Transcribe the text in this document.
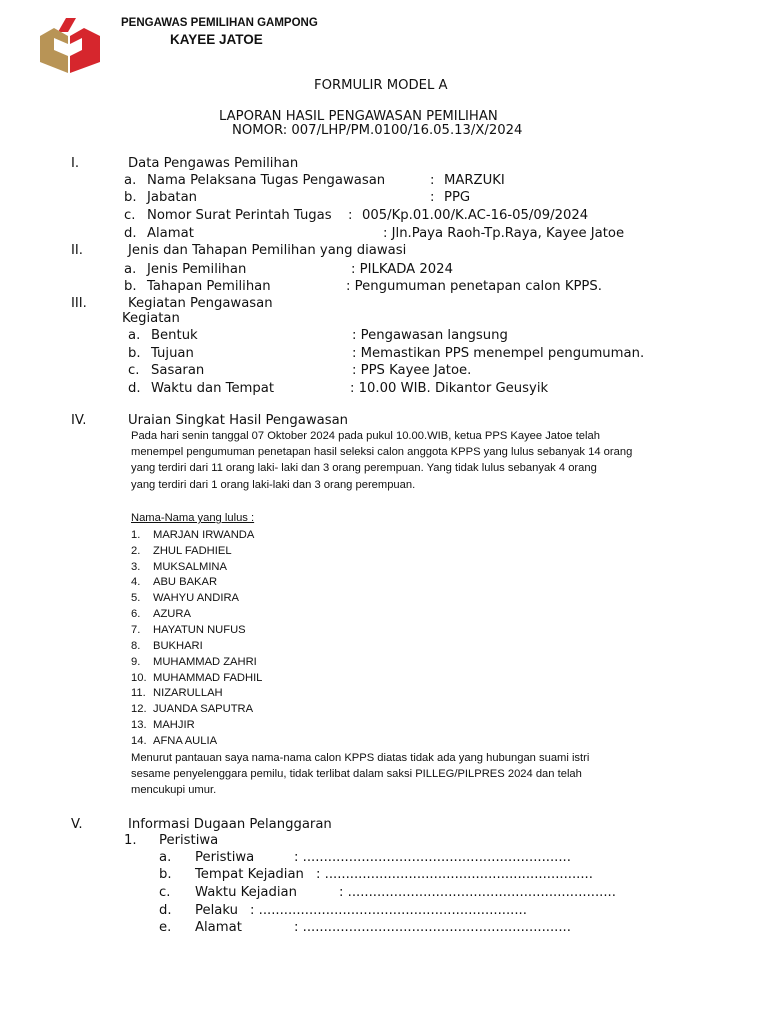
PENGAWAS PEMILIHAN GAMPONG
KAYEE JATOE
FORMULIR MODEL A
LAPORAN HASIL PENGAWASAN PEMILIHAN
NOMOR: 007/LHP/PM.0100/16.05.13/X/2024
I.	Data Pengawas Pemilihan
a. Nama Pelaksana Tugas Pengawasan	: MARZUKI
b. Jabatan	: PPG
c. Nomor Surat Perintah Tugas : 005/Kp.01.00/K.AC-16-05/09/2024
d. Alamat	: Jln.Paya Raoh-Tp.Raya, Kayee Jatoe
II.	Jenis dan Tahapan Pemilihan yang diawasi
a. Jenis Pemilihan	: PILKADA 2024
b. Tahapan Pemilihan	: Pengumuman penetapan calon KPPS.
III.	Kegiatan Pengawasan
Kegiatan
a. Bentuk	: Pengawasan langsung
b. Tujuan	: Memastikan PPS menempel pengumuman.
c. Sasaran	: PPS Kayee Jatoe.
d. Waktu dan Tempat	: 10.00 WIB. Dikantor Geusyik
IV.	Uraian Singkat Hasil Pengawasan
Pada hari senin tanggal 07 Oktober 2024 pada pukul 10.00.WIB, ketua PPS Kayee Jatoe telah
menempel pengumuman penetapan hasil seleksi calon anggota KPPS yang lulus sebanyak 14 orang
yang terdiri dari 11 orang laki- laki dan 3 orang perempuan. Yang tidak lulus sebanyak 4 orang
yang terdiri dari 1 orang laki-laki dan 3 orang perempuan.
Nama-Nama yang lulus :
1. MARJAN IRWANDA
2. ZHUL FADHIEL
3. MUKSALMINA
4. ABU BAKAR
5. WAHYU ANDIRA
6. AZURA
7. HAYATUN NUFUS
8. BUKHARI
9. MUHAMMAD ZAHRI
10. MUHAMMAD FADHIL
11. NIZARULLAH
12. JUANDA SAPUTRA
13. MAHJIR
14. AFNA AULIA
Menurut pantauan saya nama-nama calon KPPS diatas tidak ada yang hubungan suami istri
sesame penyelenggara pemilu, tidak terlibat dalam saksi PILLEG/PILPRES 2024 dan telah
mencukupi umur.
V.	Informasi Dugaan Pelanggaran
1. Peristiwa
a. Peristiwa	: ................................................................
b. Tempat Kejadian : ................................................................
c. Waktu Kejadian	: ................................................................
d. Pelaku : ................................................................
e. Alamat	: ................................................................
